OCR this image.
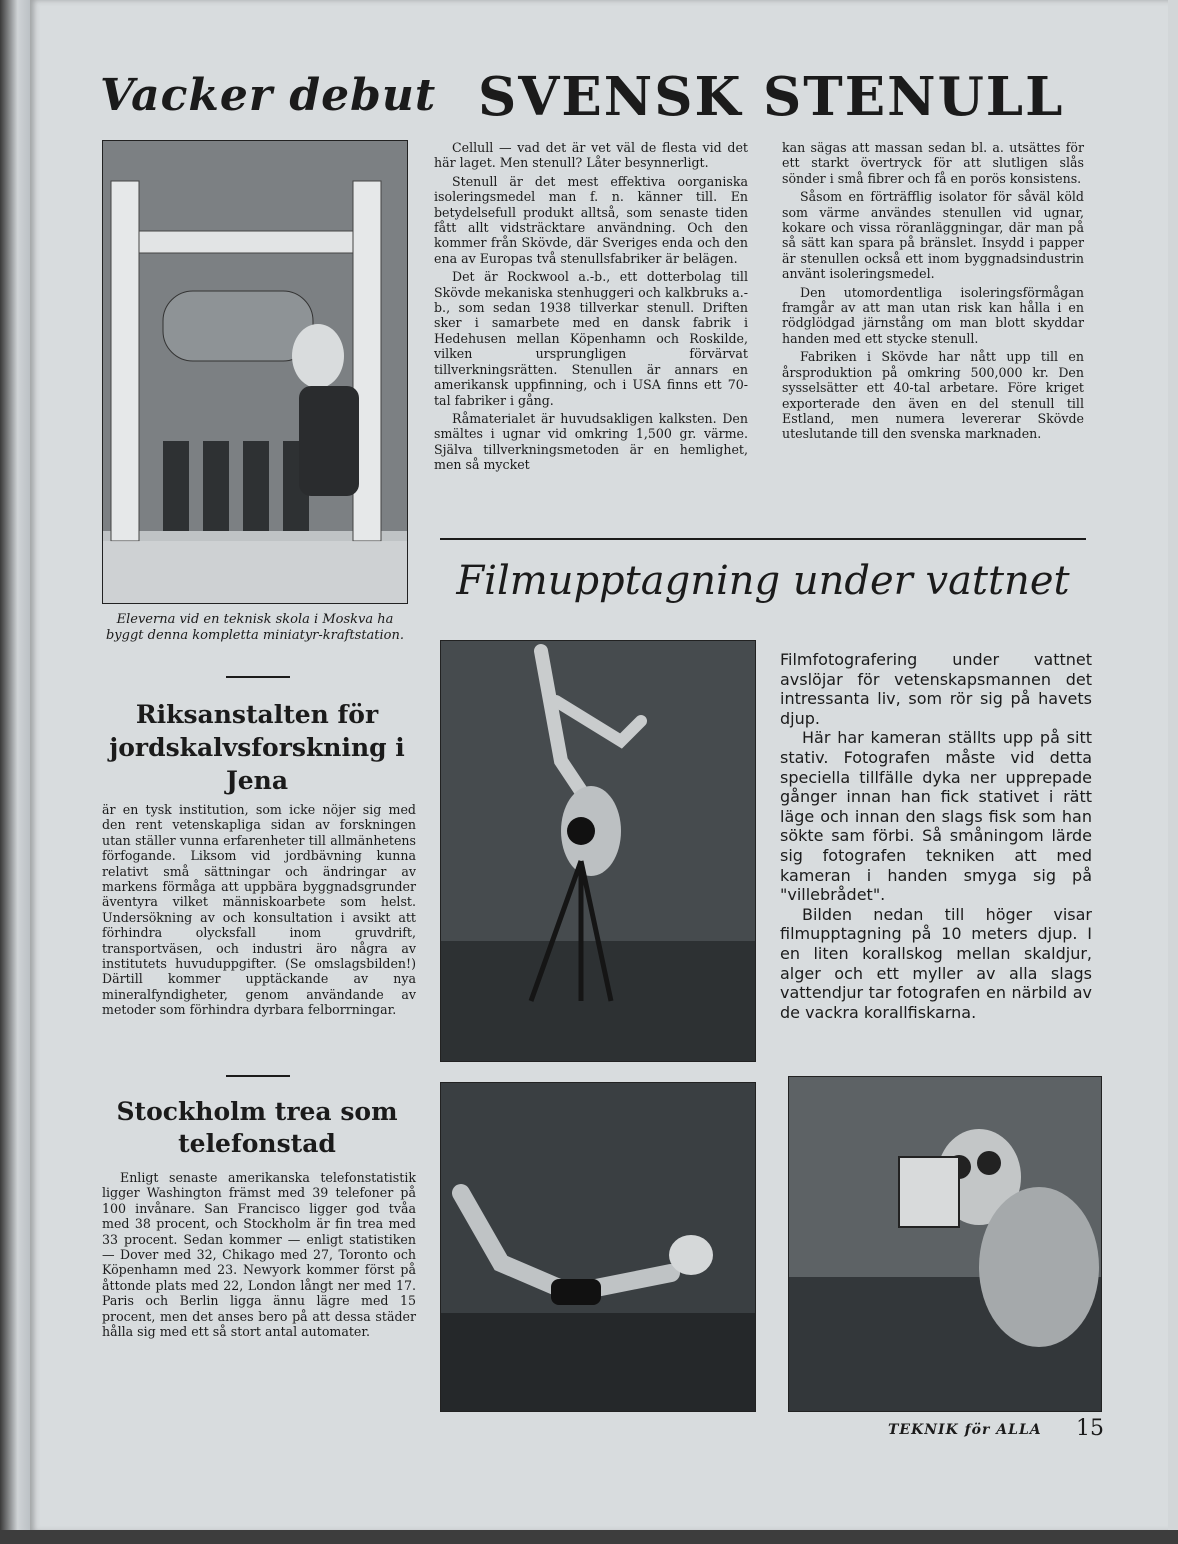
Vacker debut SVENSK STENULL
Eleverna vid en teknisk skola i Moskva ha byggt denna kompletta miniatyr-kraftstation.

Cellull — vad det är vet väl de flesta vid det här laget. Men stenull? Låter besynnerligt.

Stenull är det mest effektiva oorganiska isoleringsmedel man f. n. känner till. En betydelsefull produkt alltså, som senaste tiden fått allt vidsträcktare användning. Och den kommer från Skövde, där Sveriges enda och den ena av Europas två stenullsfabriker är belägen.

Det är Rockwool a.-b., ett dotterbolag till Skövde mekaniska stenhuggeri och kalkbruks a.-b., som sedan 1938 tillverkar stenull. Driften sker i samarbete med en dansk fabrik i Hedehusen mellan Köpenhamn och Roskilde, vilken ursprungligen förvärvat tillverkningsrätten. Stenullen är annars en amerikansk uppfinning, och i USA finns ett 70-tal fabriker i gång.

Råmaterialet är huvudsakligen kalksten. Den smältes i ugnar vid omkring 1,500 gr. värme. Själva tillverkningsmetoden är en hemlighet, men så mycket

kan sägas att massan sedan bl. a. utsättes för ett starkt övertryck för att slutligen slås sönder i små fibrer och få en porös konsistens.

Såsom en förträfflig isolator för såväl köld som värme användes stenullen vid ugnar, kokare och vissa röranläggningar, där man på så sätt kan spara på bränslet. Insydd i papper är stenullen också ett inom byggnadsindustrin använt isoleringsmedel.

Den utomordentliga isoleringsförmågan framgår av att man utan risk kan hålla i en rödglödgad järnstång om man blott skyddar handen med ett stycke stenull.

Fabriken i Skövde har nått upp till en årsproduktion på omkring 500,000 kr. Den sysselsätter ett 40-tal arbetare. Före kriget exporterade den även en del stenull till Estland, men numera levererar Skövde uteslutande till den svenska marknaden.

Riksanstalten för jordskalvsforskning i Jena

är en tysk institution, som icke nöjer sig med den rent vetenskapliga sidan av forskningen utan ställer vunna erfarenheter till allmänhetens förfogande. Liksom vid jordbävning kunna relativt små sättningar och ändringar av markens förmåga att uppbära byggnadsgrunder äventyra vilket människoarbete som helst. Undersökning av och konsultation i avsikt att förhindra olycksfall inom gruvdrift, transportväsen, och industri äro några av institutets huvuduppgifter. (Se omslagsbilden!) Därtill kommer upptäckande av nya mineralfyndigheter, genom användande av metoder som förhindra dyrbara felborrningar.

Stockholm trea som telefonstad

Enligt senaste amerikanska telefonstatistik ligger Washington främst med 39 telefoner på 100 invånare. San Francisco ligger god tvåa med 38 procent, och Stockholm är fin trea med 33 procent. Sedan kommer — enligt statistiken — Dover med 32, Chikago med 27, Toronto och Köpenhamn med 23. Newyork kommer först på åttonde plats med 22, London långt ner med 17. Paris och Berlin ligga ännu lägre med 15 procent, men det anses bero på att dessa städer hålla sig med ett så stort antal automater.

Filmupptagning under vattnet

Filmfotografering under vattnet avslöjar för vetenskapsmannen det intressanta liv, som rör sig på havets djup.

Här har kameran ställts upp på sitt stativ. Fotografen måste vid detta speciella tillfälle dyka ner upprepade gånger innan han fick stativet i rätt läge och innan den slags fisk som han sökte sam förbi. Så småningom lärde sig fotografen tekniken att med kameran i handen smyga sig på "villebrådet".

Bilden nedan till höger visar filmupptagning på 10 meters djup. I en liten korallskog mellan skaldjur, alger och ett myller av alla slags vattendjur tar fotografen en närbild av de vackra korallfiskarna.

TEKNIK för ALLA	15
